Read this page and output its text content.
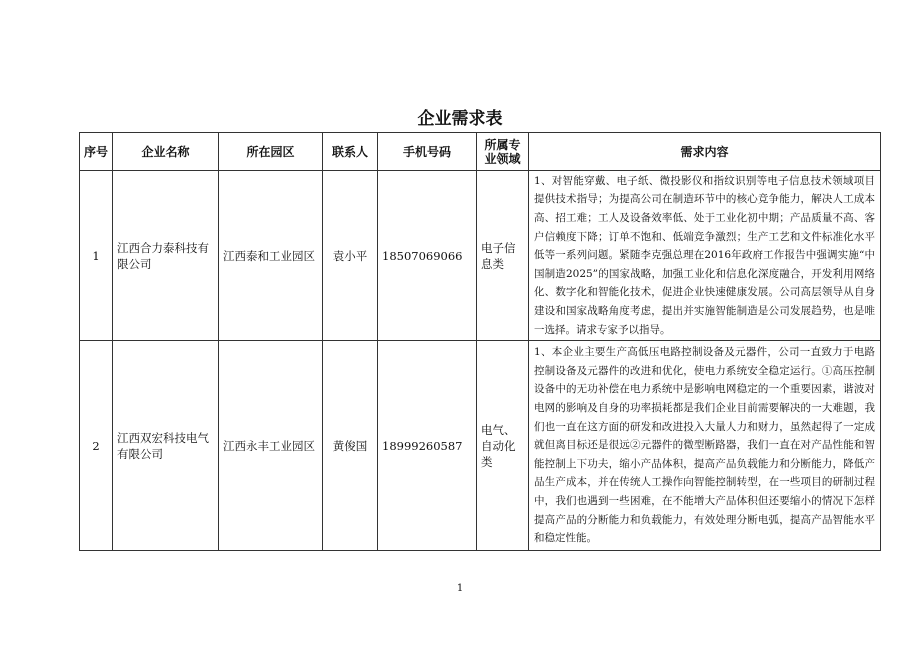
企业需求表
序号	企业名称	所在园区	联系人	手机号码	所属专业领域	需求内容
1	江西合力泰科技有限公司	江西泰和工业园区	袁小平	18507069066	电子信息类	1、对智能穿戴、电子纸、微投影仪和指纹识别等电子信息技术领域项目提供技术指导；为提高公司在制造环节中的核心竞争能力，解决人工成本高、招工难；工人及设备效率低、处于工业化初中期；产品质量不高、客户信赖度下降；订单不饱和、低端竞争激烈；生产工艺和文件标准化水平低等一系列问题。紧随李克强总理在2016年政府工作报告中强调实施“中国制造2025”的国家战略，加强工业化和信息化深度融合，开发利用网络化、数字化和智能化技术，促进企业快速健康发展。公司高层领导从自身建设和国家战略角度考虑，提出并实施智能制造是公司发展趋势，也是唯一选择。请求专家予以指导。
2	江西双宏科技电气有限公司	江西永丰工业园区	黄俊国	18999260587	电气、自动化类	1、本企业主要生产高低压电路控制设备及元器件，公司一直致力于电路控制设备及元器件的改进和优化，使电力系统安全稳定运行。①高压控制设备中的无功补偿在电力系统中是影响电网稳定的一个重要因素，谐波对电网的影响及自身的功率损耗都是我们企业目前需要解决的一大难题，我们也一直在这方面的研发和改进投入大量人力和财力，虽然起得了一定成就但离目标还是很远②元器件的微型断路器，我们一直在对产品性能和智能控制上下功夫，缩小产品体积，提高产品负载能力和分断能力，降低产品生产成本，并在传统人工操作向智能控制转型，在一些项目的研制过程中，我们也遇到一些困难，在不能增大产品体积但还要缩小的情况下怎样提高产品的分断能力和负载能力，有效处理分断电弧，提高产品智能水平和稳定性能。
1
